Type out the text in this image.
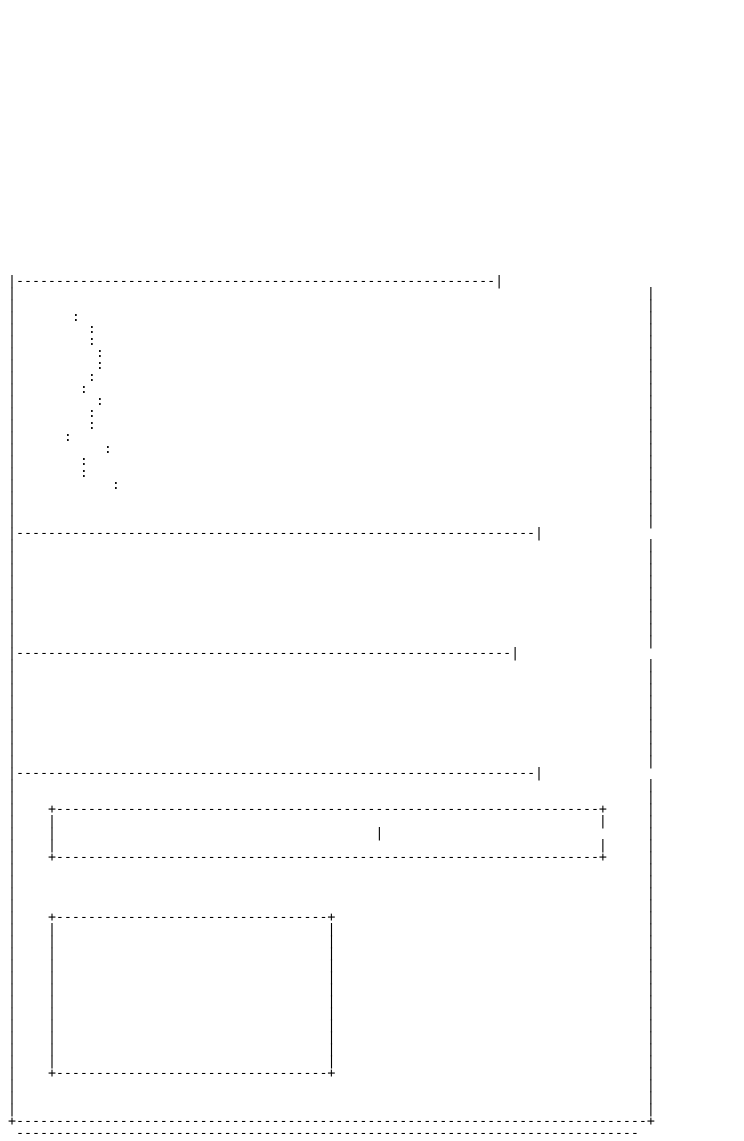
|------------------------------------------------------------|
|	|
|	|
|	:	|
|	:	|
|	:	|
|	:	|
|	:	|
|	:	|
|	:	|
|	:	|
|	:	|
|	:	|
|	:	|
|	:	|
|	:	|
|	:	|
|	:	|
|	|
|	|
|	|
|-----------------------------------------------------------------|
|	|
|	|
|	|
|	|
|	|
|	|
|	|
|	|
|	|
|--------------------------------------------------------------|
|	|
|	|
|	|
|	|
|	|
|	|
|	|
|	|
|	|
|-----------------------------------------------------------------|
|	|
|	|
|    +--------------------------------------------------------------------+	|
|    |                                                                    |	|
|    |                                        |	|
|    |                                                                    |	|
|    +--------------------------------------------------------------------+	|
|	|
|	|
|	|
|	|
|    +----------------------------------+	|
|    |                                  |	|
|    |                                  |	|
|    |                                  |	|
|    |	|	|
|    |	|	|
|    |	|	|
|    |	|	|
|    |                                  |	|
|    |                                  |	|
|    |                                  |	|
|    |                                  |	|
|    |                                  |	|
|    +----------------------------------+	|
|	|
|	|
|	|
+-------------------------------------------------------------------------------+
------------------------------------------------------------------------------
